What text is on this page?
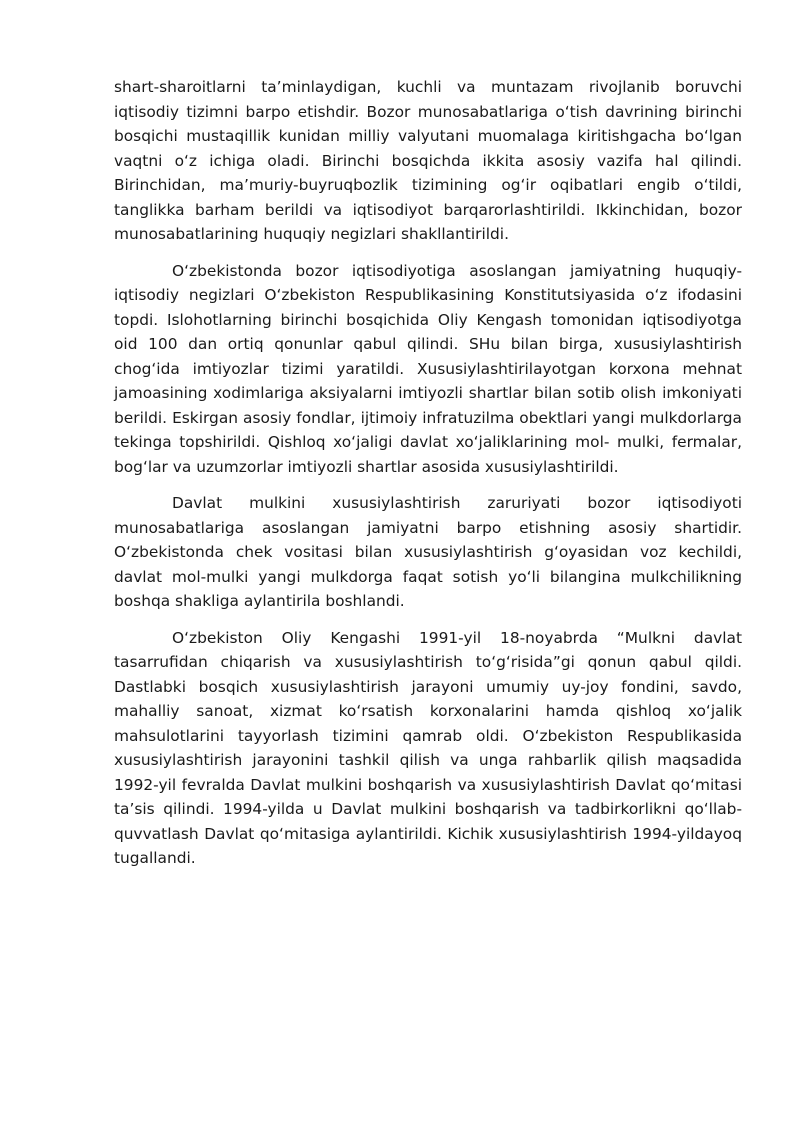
shart-sharoitlarni taʼminlaydigan, kuchli va muntazam rivojlanib boruvchi iqtisodiy tizimni barpo etishdir. Bozor munosabatlariga oʻtish davrining birinchi bosqichi mustaqillik kunidan milliy valyutani muomalaga kiritishgacha boʻlgan vaqtni oʻz ichiga oladi. Birinchi bosqichda ikkita asosiy vazifa hal qilindi. Birinchidan, maʼmuriy-buyruqbozlik tizimining ogʻir oqibatlari engib oʻtildi, tanglikka barham berildi va iqtisodiyot barqarorlashtirildi. Ikkinchidan, bozor munosabatlarining huquqiy negizlari shakllantirildi.

Oʻzbekistonda bozor iqtisodiyotiga asoslangan jamiyatning huquqiy- iqtisodiy negizlari Oʻzbekiston Respublikasining Konstitutsiyasida oʻz ifodasini topdi. Islohotlarning birinchi bosqichida Oliy Kengash tomonidan iqtisodiyotga oid 100 dan ortiq qonunlar qabul qilindi. SHu bilan birga, xususiylashtirish chogʻida imtiyozlar tizimi yaratildi. Xususiylashtirilayotgan korxona mehnat jamoasining xodimlariga aksiyalarni imtiyozli shartlar bilan sotib olish imkoniyati berildi. Eskirgan asosiy fondlar, ijtimoiy infratuzilma obektlari yangi mulkdorlarga tekinga topshirildi. Qishloq xoʻjaligi davlat xoʻjaliklarining mol- mulki, fermalar, bogʻlar va uzumzorlar imtiyozli shartlar asosida xususiylashtirildi.

Davlat mulkini xususiylashtirish zaruriyati bozor iqtisodiyoti munosabatlariga asoslangan jamiyatni barpo etishning asosiy shartidir. Oʻzbekistonda chek vositasi bilan xususiylashtirish gʻoyasidan voz kechildi, davlat mol-mulki yangi mulkdorga faqat sotish yoʻli bilangina mulkchilikning boshqa shakliga aylantirila boshlandi.

Oʻzbekiston Oliy Kengashi 1991-yil 18-noyabrda “Mulkni davlat tasarrufidan chiqarish va xususiylashtirish toʻgʻrisida”gi qonun qabul qildi. Dastlabki bosqich xususiylashtirish jarayoni umumiy uy-joy fondini, savdo, mahalliy sanoat, xizmat koʻrsatish korxonalarini hamda qishloq xoʻjalik mahsulotlarini tayyorlash tizimini qamrab oldi. Oʻzbekiston Respublikasida xususiylashtirish jarayonini tashkil qilish va unga rahbarlik qilish maqsadida 1992-yil fevralda Davlat mulkini boshqarish va xususiylashtirish Davlat qoʻmitasi taʼsis qilindi. 1994-yilda u Davlat mulkini boshqarish va tadbirkorlikni qoʻllab-quvvatlash Davlat qoʻmitasiga aylantirildi. Kichik xususiylashtirish 1994-yildayoq tugallandi.
